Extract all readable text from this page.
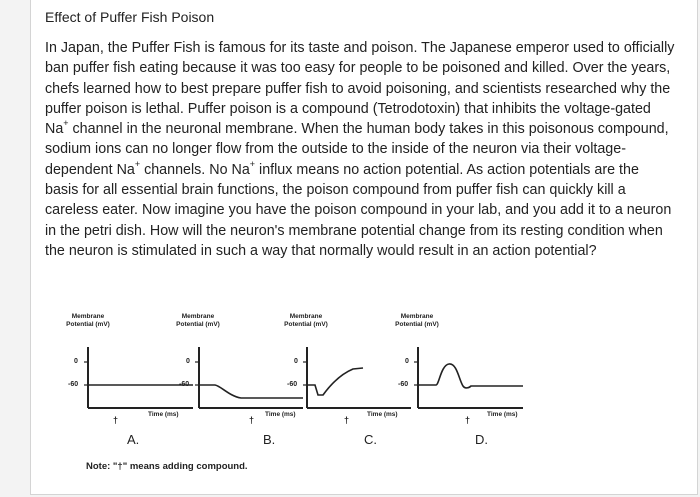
Effect of Puffer Fish Poison
In Japan, the Puffer Fish is famous for its taste and poison. The Japanese emperor used to officially
ban puffer fish eating because it was too easy for people to be poisoned and killed. Over the years,
chefs learned how to best prepare puffer fish to avoid poisoning, and scientists researched why the
puffer poison is lethal. Puffer poison is a compound (Tetrodotoxin) that inhibits the voltage-gated
Na+ channel in the neuronal membrane. When the human body takes in this poisonous compound,
sodium ions can no longer flow from the outside to the inside of the neuron via their voltage-
dependent Na+ channels. No Na+ influx means no action potential. As action potentials are the
basis for all essential brain functions, the poison compound from puffer fish can quickly kill a
careless eater. Now imagine you have the poison compound in your lab, and you add it to a neuron
in the petri dish. How will the neuron's membrane potential change from its resting condition when
the neuron is stimulated in such a way that normally would result in an action potential?
Membrane Potential (mV)
0
-60
†
Time (ms)
A.
Membrane Potential (mV)
0
-60
†
Time (ms)
B.
Membrane Potential (mV)
0
-60
†
Time (ms)
C.
Membrane Potential (mV)
0
-60
†
Time (ms)
D.
Note: "†" means adding compound.
